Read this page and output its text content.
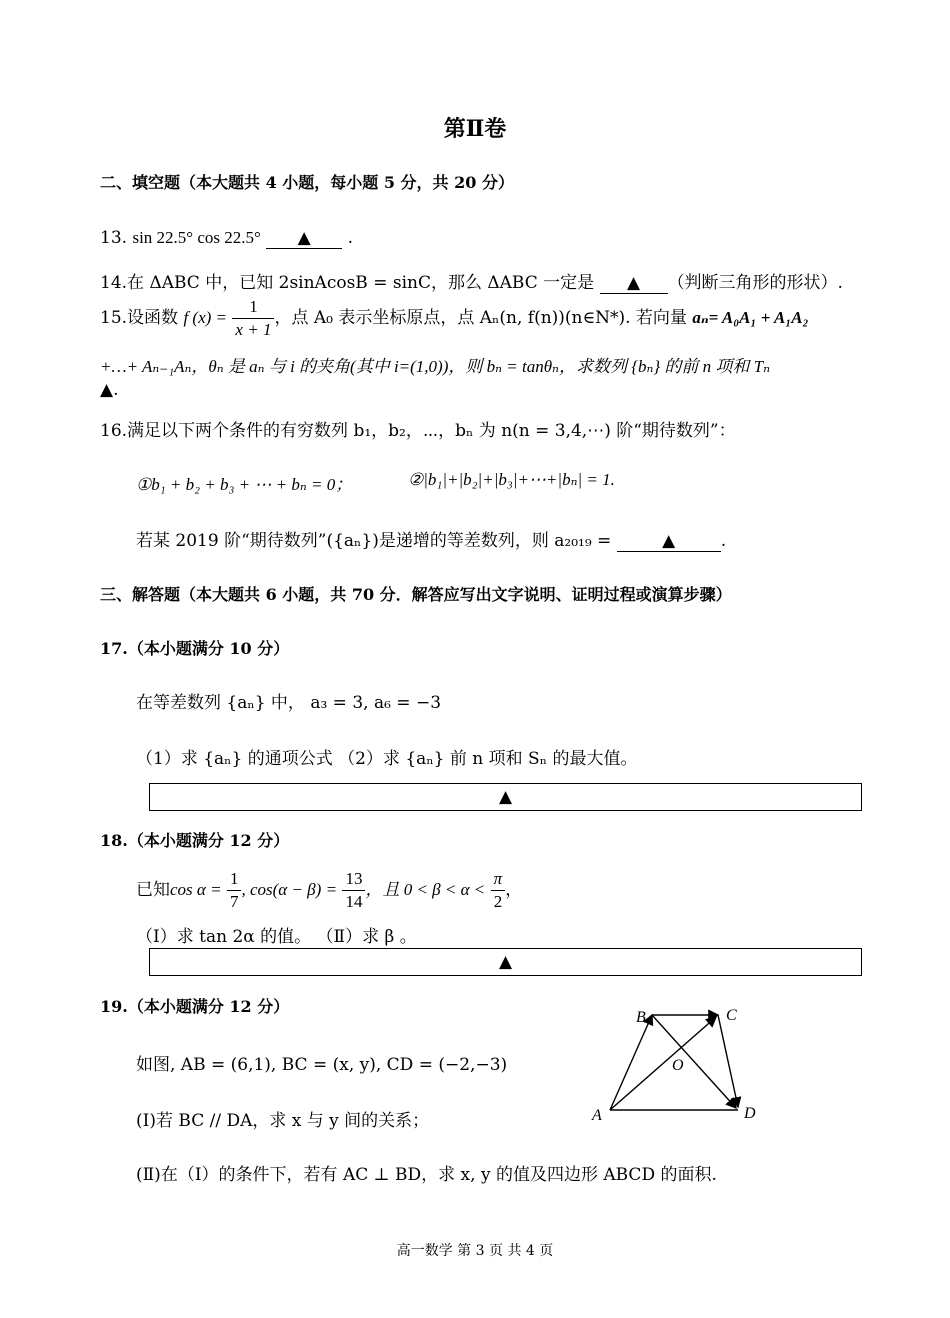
第Ⅱ卷
二、填空题（本大题共 4 小题，每小题 5 分，共 20 分）
13. sin 22.5° cos 22.5° ▲ .
14.在 ΔABC 中，已知 2sinAcosB = sinC，那么 ΔABC 一定是 ▲ （判断三角形的形状）.
15.设函数 f $(x) = \frac{1}{x + 1}$ ，点 A₀ 表示坐标原点，点 Aₙ(n, f(n))(n∈N*). 若向量 aₙ= A₀A₁ + A₁A₂
+…+ Aₙ₋₁Aₙ，θₙ 是 aₙ 与 i 的夹角(其中 i=(1,0))，则 bₙ = tanθₙ，求数列 {bₙ} 的前 n 项和 Tₙ
▲.
16.满足以下两个条件的有穷数列 b₁，b₂，⋯，bₙ 为 n(n = 3,4,⋯) 阶“期待数列”：
①b₁ + b₂ + b₃ + ⋯ + bₙ = 0；	②|b₁|+|b₂|+|b₃|+⋯+|bₙ| = 1.
若某 2019 阶“期待数列”({aₙ})是递增的等差数列，则 a₂₀₁₉ =	▲	.
三、解答题（本大题共 6 小题，共 70 分．解答应写出文字说明、证明过程或演算步骤）
17.（本小题满分 10 分）
在等差数列 {aₙ} 中， a₃ = 3, a₆ = −3
（1）求 {aₙ} 的通项公式 （2）求 {aₙ} 前 n 项和 Sₙ 的最大值。
▲
18.（本小题满分 12 分）
已知$\cos \alpha = \frac{1}{7}$ , $\cos(\alpha - \beta) = \frac{13}{14}$ ，且 $0 < \beta < \alpha < \frac{\pi}{2}$ ，
（Ⅰ）求 tan 2α 的值。 （Ⅱ）求 β 。
▲
19.（本小题满分 12 分）
如图, AB = (6,1), BC = (x, y), CD = (−2,−3)
(Ⅰ)若 BC // DA，求 x 与 y 间的关系；
(Ⅱ)在（Ⅰ）的条件下，若有 AC ⊥ BD，求 x, y 的值及四边形 ABCD 的面积.
B	C
O
A	D
高一数学 第 3 页 共 4 页
